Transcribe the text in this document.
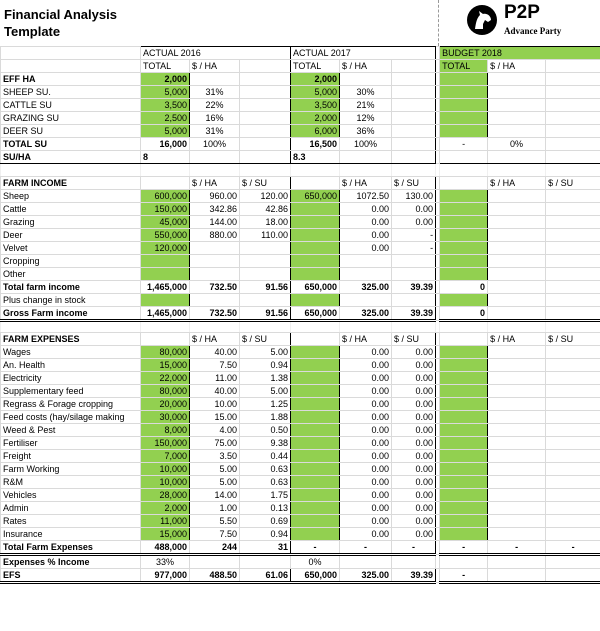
Financial Analysis
Template
P2P
Advance Party
	ACTUAL 2016			ACTUAL 2017				BUDGET 2018		
	TOTAL	$ / HA		TOTAL	$ / HA			TOTAL	$ / HA	
EFF HA	2,000			2,000						
SHEEP SU.	5,000	31%		5,000	30%					
CATTLE SU	3,500	22%		3,500	21%					
GRAZING SU	2,500	16%		2,000	12%					
DEER SU	5,000	31%		6,000	36%					
TOTAL SU	16,000	100%		16,500	100%			-	0%	
SU/HA	8			8.3						

FARM INCOME		$ / HA	$ / SU		$ / HA	$ / SU			$ / HA	$ / SU
Sheep	600,000	960.00	120.00	650,000	1072.50	130.00				
Cattle	150,000	342.86	42.86		0.00	0.00				
Grazing	45,000	144.00	18.00		0.00	0.00				
Deer	550,000	880.00	110.00		0.00	-				
Velvet	120,000				0.00	-				
Cropping										
Other										
Total farm income	1,465,000	732.50	91.56	650,000	325.00	39.39		0		
Plus change in stock										
Gross Farm income	1,465,000	732.50	91.56	650,000	325.00	39.39		0		

FARM EXPENSES		$ / HA	$ / SU		$ / HA	$ / SU			$ / HA	$ / SU
Wages	80,000	40.00	5.00		0.00	0.00				
An. Health	15,000	7.50	0.94		0.00	0.00				
Electricity	22,000	11.00	1.38		0.00	0.00				
Supplementary feed	80,000	40.00	5.00		0.00	0.00				
Regrass & Forage cropping	20,000	10.00	1.25		0.00	0.00				
Feed costs (hay/silage making	30,000	15.00	1.88		0.00	0.00				
Weed & Pest	8,000	4.00	0.50		0.00	0.00				
Fertiliser	150,000	75.00	9.38		0.00	0.00				
Freight	7,000	3.50	0.44		0.00	0.00				
Farm Working	10,000	5.00	0.63		0.00	0.00				
R&M	10,000	5.00	0.63		0.00	0.00				
Vehicles	28,000	14.00	1.75		0.00	0.00				
Admin	2,000	1.00	0.13		0.00	0.00				
Rates	11,000	5.50	0.69		0.00	0.00				
Insurance	15,000	7.50	0.94		0.00	0.00				
Total Farm Expenses	488,000	244	31	-	-	-		-	-	-
Expenses % Income	33%			0%						
EFS	977,000	488.50	61.06	650,000	325.00	39.39		-		
